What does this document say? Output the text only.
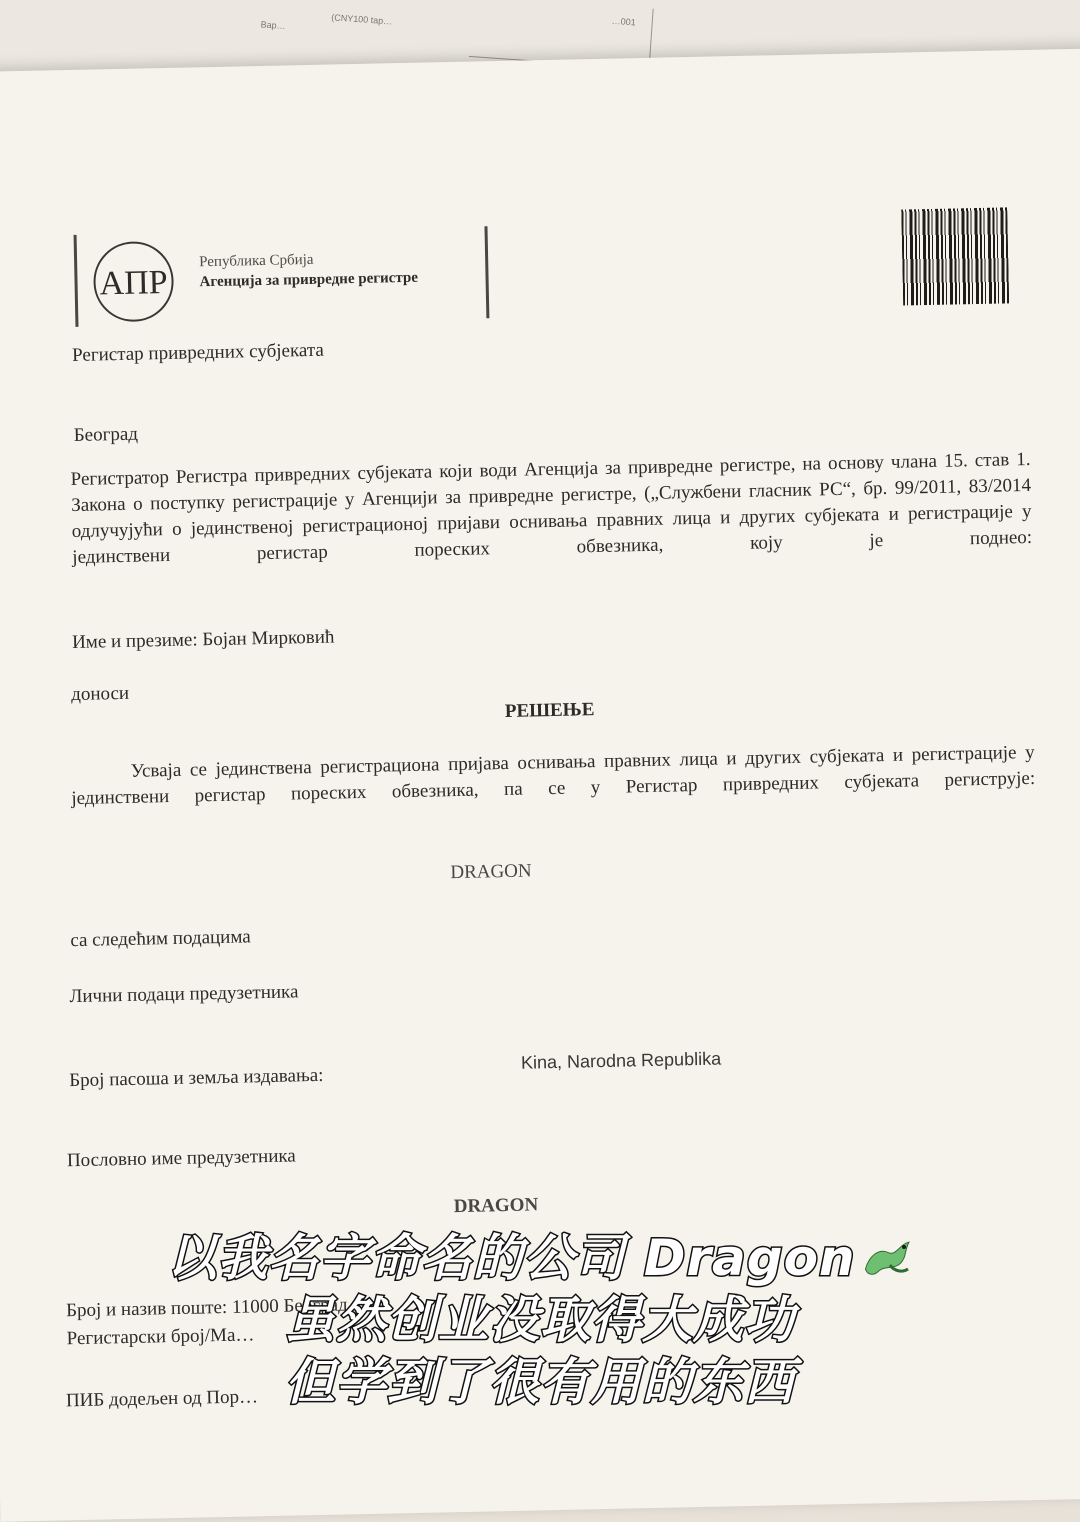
Bap…	(CNY100 tap…	…001
АПР
Република Србија
Агенција за привредне регистре
Регистар привредних субјеката
Београд
Регистратор Регистра привредних субјеката који води Агенција за привредне регистре, на основу члана 15. став 1. Закона о поступку регистрације у Агенцији за привредне регистре, („Службени гласник РС“, бр. 99/2011, 83/2014 одлучујући о јединственој регистрационој пријави оснивања правних лица и других субјеката и регистрације у јединствени регистар пореских обвезника, коју је поднео:
Име и презиме: Бојан Мирковић
доноси
РЕШЕЊЕ
Усваја се јединствена регистрациона пријава оснивања правних лица и других субјеката и регистрације у јединствени регистар пореских обвезника, па се у Регистар привредних субјеката региструје:
DRAGON
са следећим подацима
Лични подаци предузетника
Број пасоша и земља издавања:
Kina, Narodna Republika
Пословно име предузетника
DRAGON
Број и назив поште: 11000 Београд
Регистарски број/Ма…
ПИБ додељен од Пор…
以我名字命名的公司 Dragon
虽然创业没取得大成功
但学到了很有用的东西
